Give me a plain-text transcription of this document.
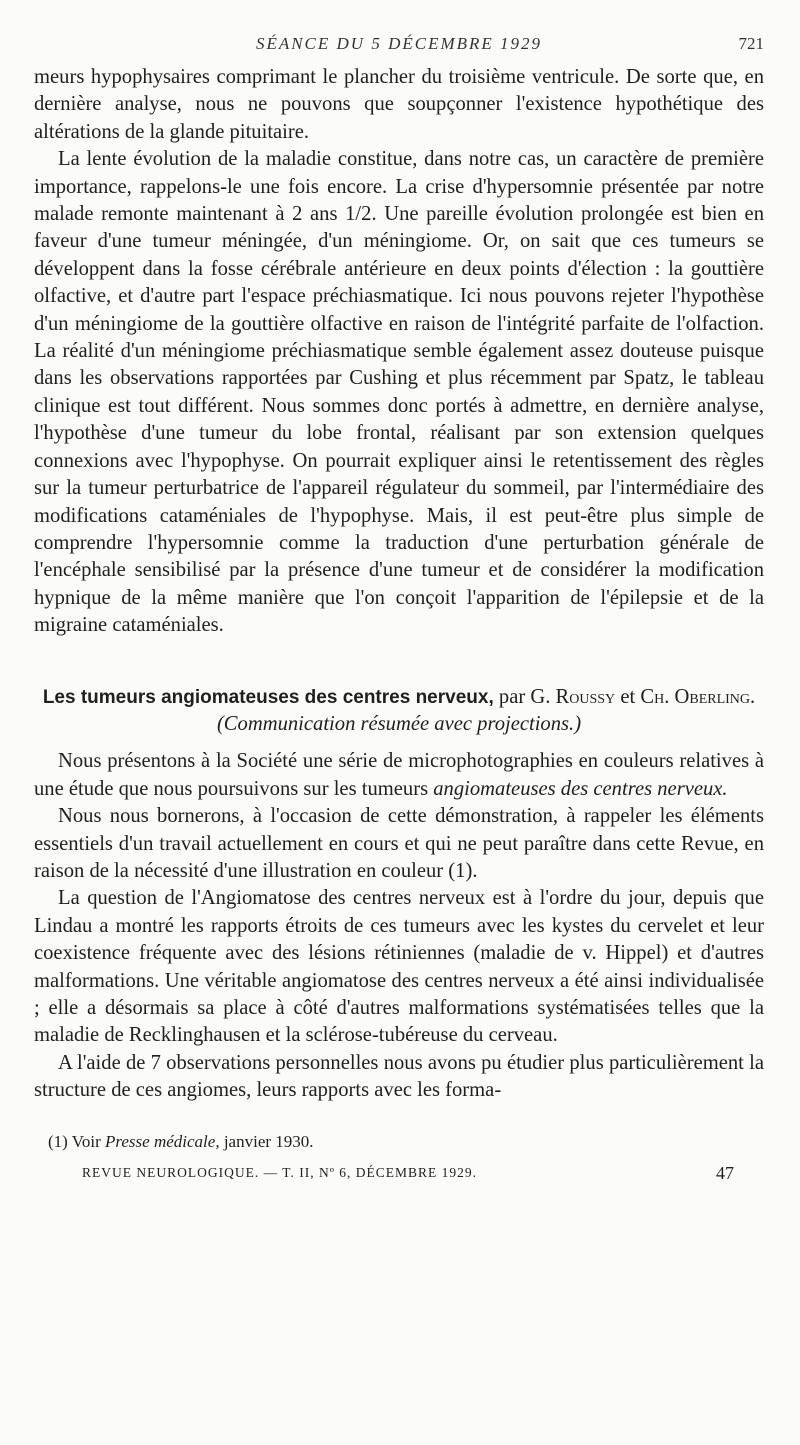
SÉANCE DU 5 DÉCEMBRE 1929	721

meurs hypophysaires comprimant le plancher du troisième ventricule. De sorte que, en dernière analyse, nous ne pouvons que soupçonner l'existence hypothétique des altérations de la glande pituitaire.

La lente évolution de la maladie constitue, dans notre cas, un caractère de première importance, rappelons-le une fois encore. La crise d'hypersomnie présentée par notre malade remonte maintenant à 2 ans 1/2. Une pareille évolution prolongée est bien en faveur d'une tumeur méningée, d'un méningiome. Or, on sait que ces tumeurs se développent dans la fosse cérébrale antérieure en deux points d'élection : la gouttière olfactive, et d'autre part l'espace préchiasmatique. Ici nous pouvons rejeter l'hypothèse d'un méningiome de la gouttière olfactive en raison de l'intégrité parfaite de l'olfaction. La réalité d'un méningiome préchiasmatique semble également assez douteuse puisque dans les observations rapportées par Cushing et plus récemment par Spatz, le tableau clinique est tout différent. Nous sommes donc portés à admettre, en dernière analyse, l'hypothèse d'une tumeur du lobe frontal, réalisant par son extension quelques connexions avec l'hypophyse. On pourrait expliquer ainsi le retentissement des règles sur la tumeur perturbatrice de l'appareil régulateur du sommeil, par l'intermédiaire des modifications cataméniales de l'hypophyse. Mais, il est peut-être plus simple de comprendre l'hypersomnie comme la traduction d'une perturbation générale de l'encéphale sensibilisé par la présence d'une tumeur et de considérer la modification hypnique de la même manière que l'on conçoit l'apparition de l'épilepsie et de la migraine cataméniales.

Les tumeurs angiomateuses des centres nerveux, par G. Roussy et Ch. Oberling. (Communication résumée avec projections.)

Nous présentons à la Société une série de microphotographies en couleurs relatives à une étude que nous poursuivons sur les tumeurs angiomateuses des centres nerveux.

Nous nous bornerons, à l'occasion de cette démonstration, à rappeler les éléments essentiels d'un travail actuellement en cours et qui ne peut paraître dans cette Revue, en raison de la nécessité d'une illustration en couleur (1).

La question de l'Angiomatose des centres nerveux est à l'ordre du jour, depuis que Lindau a montré les rapports étroits de ces tumeurs avec les kystes du cervelet et leur coexistence fréquente avec des lésions rétiniennes (maladie de v. Hippel) et d'autres malformations. Une véritable angiomatose des centres nerveux a été ainsi individualisée ; elle a désormais sa place à côté d'autres malformations systématisées telles que la maladie de Recklinghausen et la sclérose-tubéreuse du cerveau.

A l'aide de 7 observations personnelles nous avons pu étudier plus particulièrement la structure de ces angiomes, leurs rapports avec les forma-

(1) Voir Presse médicale, janvier 1930.

REVUE NEUROLOGIQUE. — T. II, Nº 6, DÉCEMBRE 1929.	47
